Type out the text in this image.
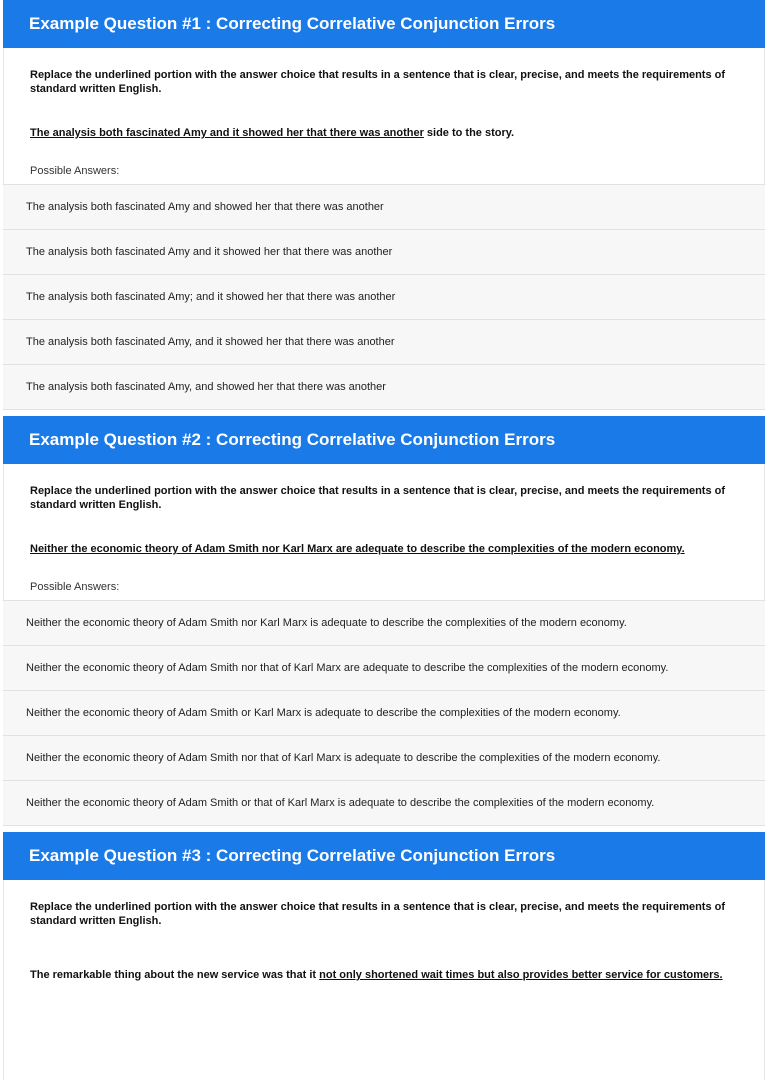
Example Question #1 : Correcting Correlative Conjunction Errors
Replace the underlined portion with the answer choice that results in a sentence that is clear, precise, and meets the requirements of standard written English.
The analysis both fascinated Amy and it showed her that there was another side to the story.
Possible Answers:
The analysis both fascinated Amy and showed her that there was another
The analysis both fascinated Amy and it showed her that there was another
The analysis both fascinated Amy; and it showed her that there was another
The analysis both fascinated Amy, and it showed her that there was another
The analysis both fascinated Amy, and showed her that there was another
Example Question #2 : Correcting Correlative Conjunction Errors
Replace the underlined portion with the answer choice that results in a sentence that is clear, precise, and meets the requirements of standard written English.
Neither the economic theory of Adam Smith nor Karl Marx are adequate to describe the complexities of the modern economy.
Possible Answers:
Neither the economic theory of Adam Smith nor Karl Marx is adequate to describe the complexities of the modern economy.
Neither the economic theory of Adam Smith nor that of Karl Marx are adequate to describe the complexities of the modern economy.
Neither the economic theory of Adam Smith or Karl Marx is adequate to describe the complexities of the modern economy.
Neither the economic theory of Adam Smith nor that of Karl Marx is adequate to describe the complexities of the modern economy.
Neither the economic theory of Adam Smith or that of Karl Marx is adequate to describe the complexities of the modern economy.
Example Question #3 : Correcting Correlative Conjunction Errors
Replace the underlined portion with the answer choice that results in a sentence that is clear, precise, and meets the requirements of standard written English.
The remarkable thing about the new service was that it not only shortened wait times but also provides better service for customers.
